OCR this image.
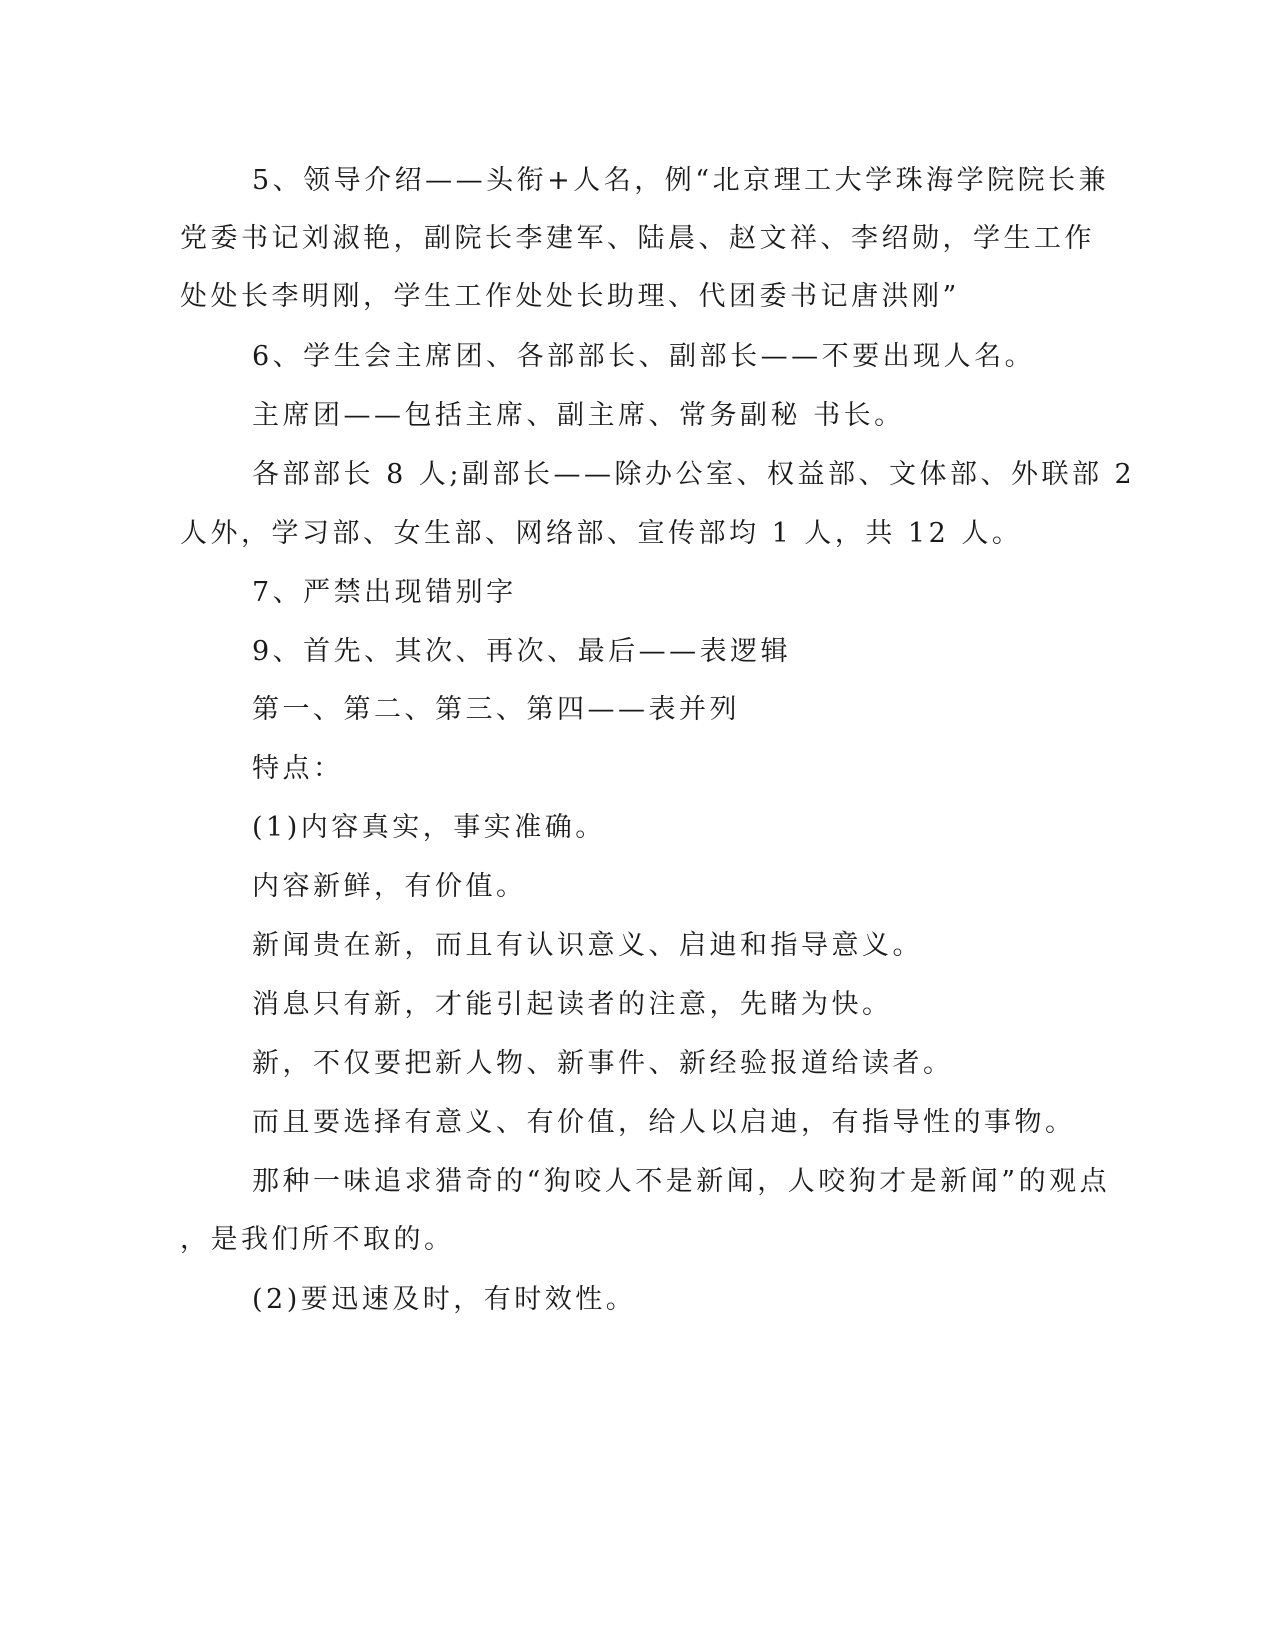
5、领导介绍——头衔+人名，例“北京理工大学珠海学院院长兼
党委书记刘淑艳，副院长李建军、陆晨、赵文祥、李绍勋，学生工作
处处长李明刚，学生工作处处长助理、代团委书记唐洪刚”
6、学生会主席团、各部部长、副部长——不要出现人名。
主席团——包括主席、副主席、常务副秘 书长。
各部部长 8 人;副部长——除办公室、权益部、文体部、外联部 2
人外，学习部、女生部、网络部、宣传部均 1 人，共 12 人。
7、严禁出现错别字
9、首先、其次、再次、最后——表逻辑
第一、第二、第三、第四——表并列
特点：
(1)内容真实，事实准确。
内容新鲜，有价值。
新闻贵在新，而且有认识意义、启迪和指导意义。
消息只有新，才能引起读者的注意，先睹为快。
新，不仅要把新人物、新事件、新经验报道给读者。
而且要选择有意义、有价值，给人以启迪，有指导性的事物。
那种一味追求猎奇的“狗咬人不是新闻，人咬狗才是新闻”的观点
，是我们所不取的。
(2)要迅速及时，有时效性。
